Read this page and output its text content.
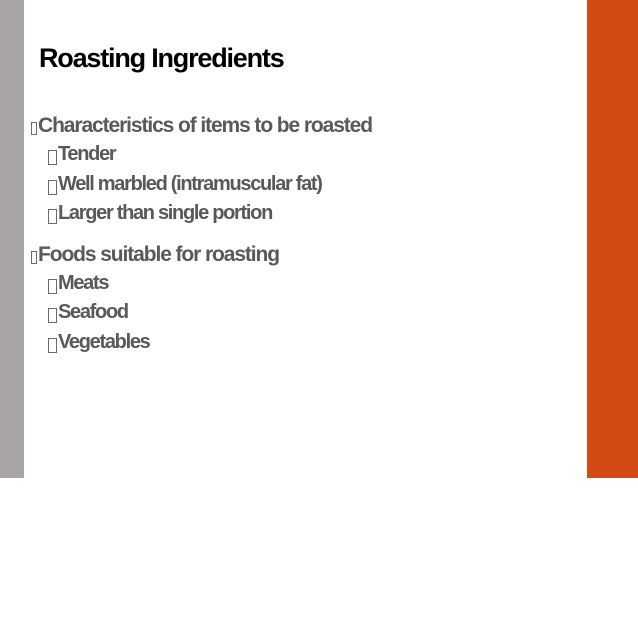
Roasting Ingredients
Characteristics of items to be roasted
Tender
Well marbled (intramuscular fat)
Larger than single portion
Foods suitable for roasting
Meats
Seafood
Vegetables
